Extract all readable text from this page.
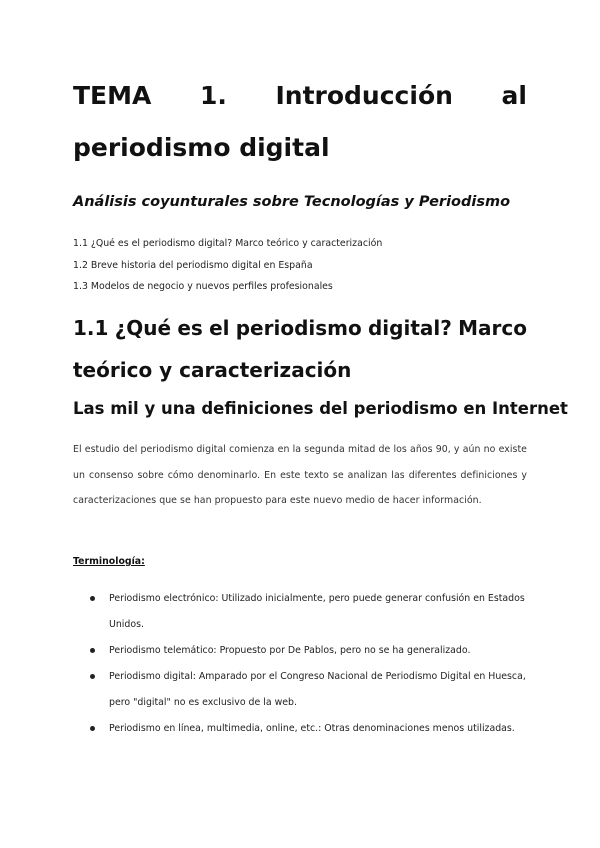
TEMA 1. Introducción al
periodismo digital
Análisis coyunturales sobre Tecnologías y Periodismo
1.1 ¿Qué es el periodismo digital? Marco teórico y caracterización
1.2 Breve historia del periodismo digital en España
1.3 Modelos de negocio y nuevos perfiles profesionales
1.1 ¿Qué es el periodismo digital? Marco
teórico y caracterización
Las mil y una definiciones del periodismo en Internet

El estudio del periodismo digital comienza en la segunda mitad de los años 90, y aún no existe un consenso sobre cómo denominarlo. En este texto se analizan las diferentes definiciones y caracterizaciones que se han propuesto para este nuevo medio de hacer información.

Terminología:

Periodismo electrónico: Utilizado inicialmente, pero puede generar confusión en Estados Unidos.
Periodismo telemático: Propuesto por De Pablos, pero no se ha generalizado.
Periodismo digital: Amparado por el Congreso Nacional de Periodismo Digital en Huesca, pero "digital" no es exclusivo de la web.
Periodismo en línea, multimedia, online, etc.: Otras denominaciones menos utilizadas.
